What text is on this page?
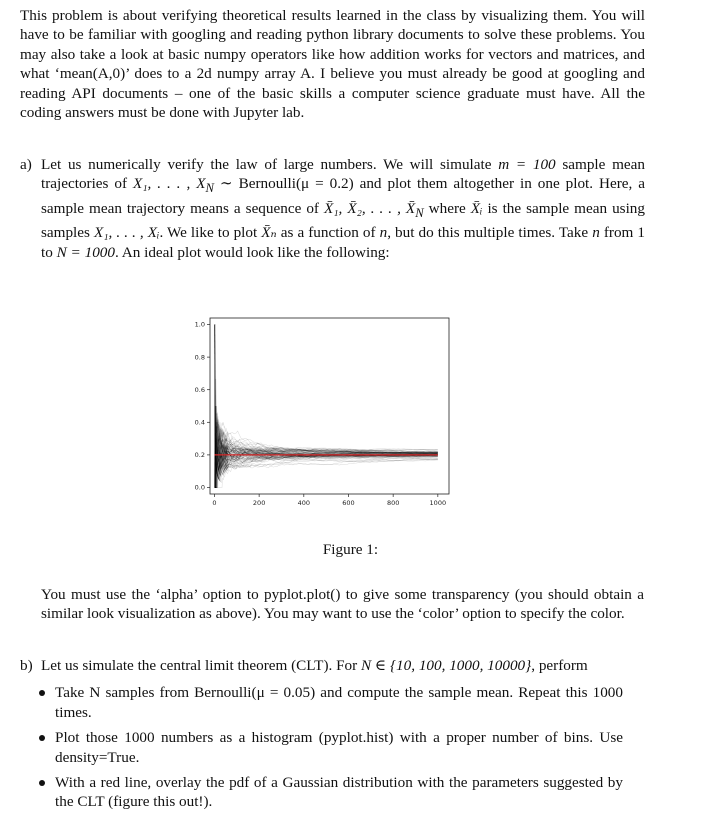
This problem is about verifying theoretical results learned in the class by visualizing them. You will have to be familiar with googling and reading python library documents to solve these problems. You may also take a look at basic numpy operators like how addition works for vectors and matrices, and what ‘mean(A,0)’ does to a 2d numpy array A. I believe you must already be good at googling and reading API documents – one of the basic skills a computer science graduate must have. All the coding answers must be done with Jupyter lab.
a) Let us numerically verify the law of large numbers. We will simulate m = 100 sample mean trajectories of X₁, . . . , $X_N$ ∼ Bernoulli(μ = 0.2) and plot them altogether in one plot. Here, a sample mean trajectory means a sequence of X̄₁, X̄₂, . . . , $X̄_N$ where X̄ᵢ is the sample mean using samples X₁, . . . , Xᵢ. We like to plot X̄ₙ as a function of n, but do this multiple times. Take n from 1 to N = 1000. An ideal plot would look like the following:
0	200	400	600	800	1000
0.0
0.2
0.4
0.6
0.8
1.0
Figure 1:
You must use the ‘alpha’ option to pyplot.plot() to give some transparency (you should obtain a similar look visualization as above). You may want to use the ‘color’ option to specify the color.
b) Let us simulate the central limit theorem (CLT). For N ∈ {10, 100, 1000, 10000}, perform
Take N samples from Bernoulli(μ = 0.05) and compute the sample mean. Repeat this 1000 times.
Plot those 1000 numbers as a histogram (pyplot.hist) with a proper number of bins. Use density=True.
With a red line, overlay the pdf of a Gaussian distribution with the parameters suggested by the CLT (figure this out!).
